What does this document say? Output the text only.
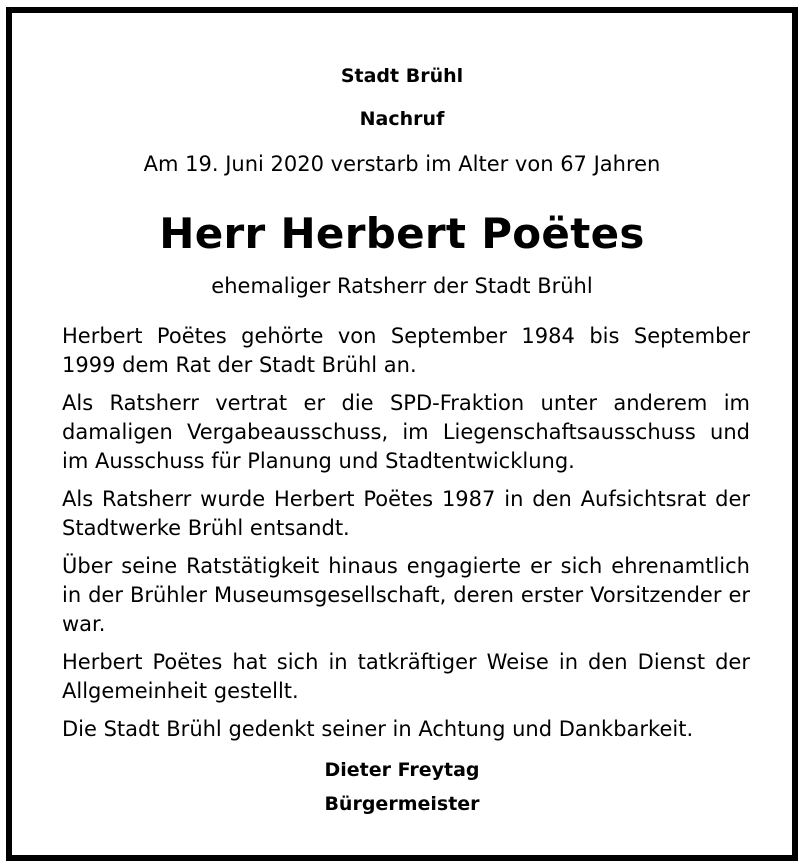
Stadt Brühl
Nachruf
Am 19. Juni 2020 verstarb im Alter von 67 Jahren
Herr Herbert Poëtes
ehemaliger Ratsherr der Stadt Brühl

Herbert Poëtes gehörte von September 1984 bis September 1999 dem Rat der Stadt Brühl an.

Als Ratsherr vertrat er die SPD-Fraktion unter anderem im damaligen Vergabeausschuss, im Liegenschaftsausschuss und im Ausschuss für Planung und Stadtentwicklung.

Als Ratsherr wurde Herbert Poëtes 1987 in den Aufsichtsrat der Stadtwerke Brühl entsandt.

Über seine Ratstätigkeit hinaus engagierte er sich ehrenamtlich in der Brühler Museumsgesellschaft, deren erster Vorsitzender er war.

Herbert Poëtes hat sich in tatkräftiger Weise in den Dienst der Allgemeinheit gestellt.

Die Stadt Brühl gedenkt seiner in Achtung und Dankbarkeit.

Dieter Freytag
Bürgermeister
